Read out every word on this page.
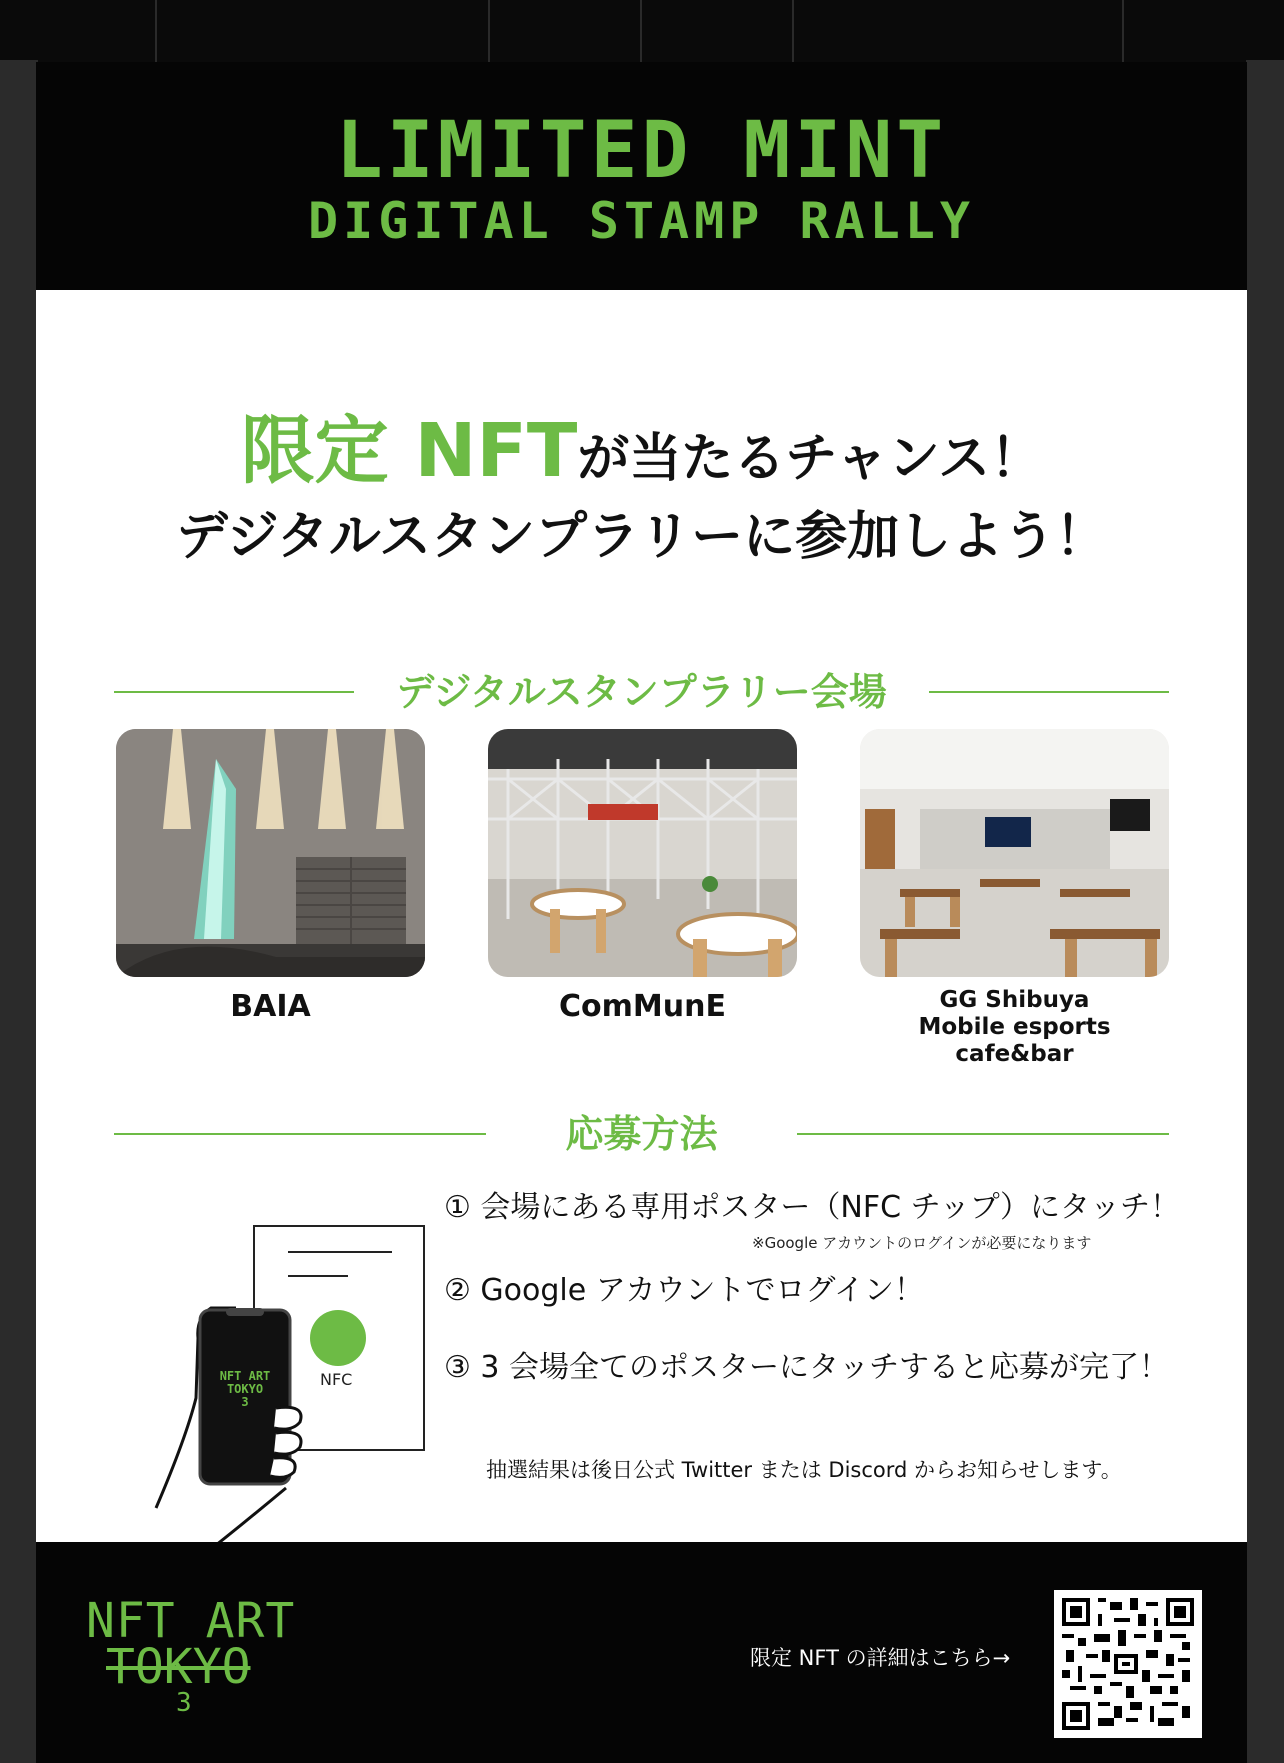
LIMITED MINT
DIGITAL STAMP RALLY
限定 NFTが当たるチャンス！
デジタルスタンプラリーに参加しよう！
デジタルスタンプラリー会場
BAIA	ComMunE	GG Shibuya
Mobile esports cafe&bar
応募方法
NFC
NFT ART
TOKYO
3
① 会場にある専用ポスター（NFC チップ）にタッチ！
※Google アカウントのログインが必要になります
② Google アカウントでログイン！
③ 3 会場全てのポスターにタッチすると応募が完了！
抽選結果は後日公式 Twitter または Discord からお知らせします。
NFT ART
TOKYO
3
限定 NFT の詳細はこちら→
